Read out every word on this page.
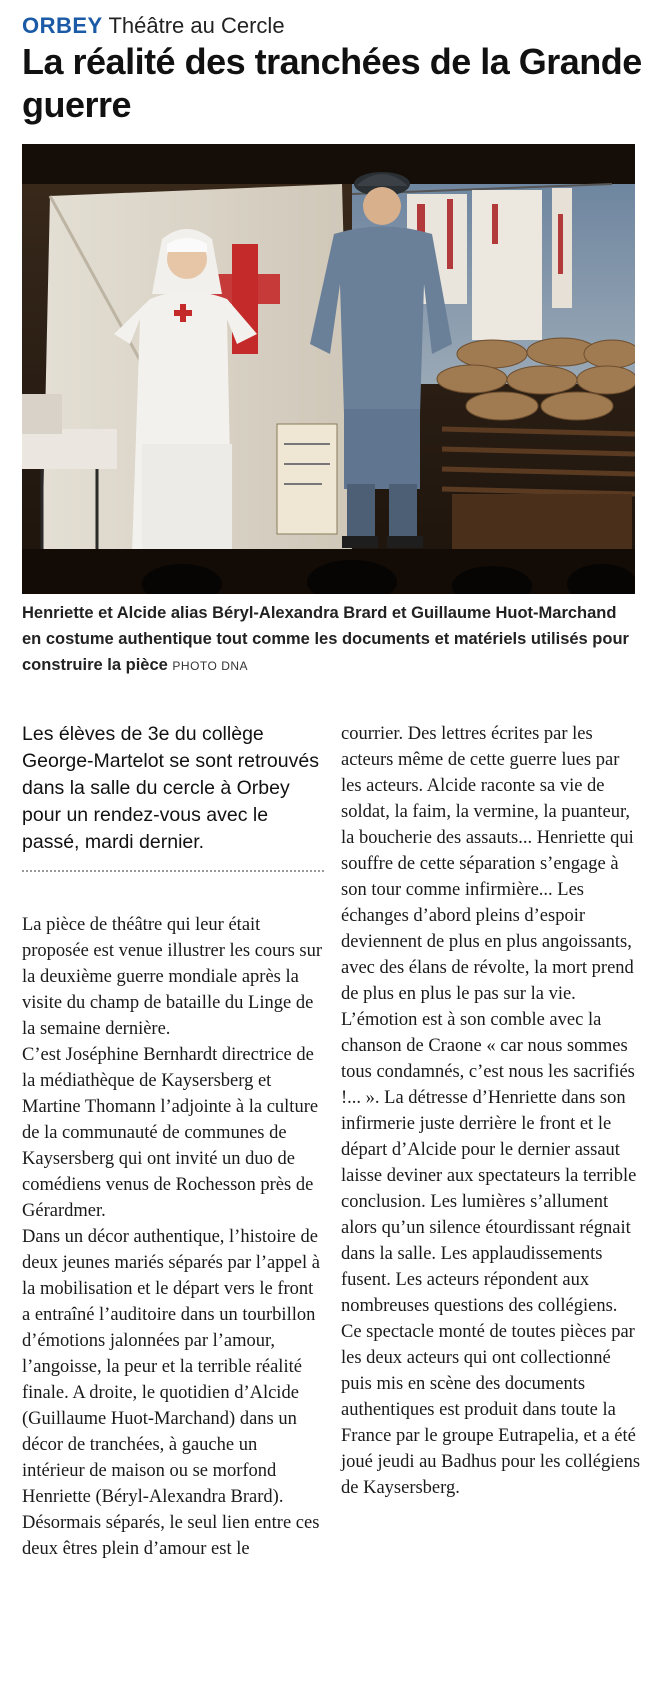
ORBEY Théâtre au Cercle
La réalité des tranchées de la Grande guerre

Henriette et Alcide alias Béryl-Alexandra Brard et Guillaume Huot-Marchand en costume authentique tout comme les documents et matériels utilisés pour construire la pièce PHOTO DNA

Les élèves de 3e du collège George-Martelot se sont retrouvés dans la salle du cercle à Orbey pour un rendez-vous avec le passé, mardi dernier.

La pièce de théâtre qui leur était proposée est venue illustrer les cours sur la deuxième guerre mondiale après la visite du champ de bataille du Linge de la semaine dernière.

C’est Joséphine Bernhardt directrice de la médiathèque de Kaysersberg et Martine Thomann l’adjointe à la culture de la communauté de communes de Kaysersberg qui ont invité un duo de comédiens venus de Rochesson près de Gérardmer.

Dans un décor authentique, l’histoire de deux jeunes mariés séparés par l’appel à la mobilisation et le départ vers le front a entraîné l’auditoire dans un tourbillon d’émotions jalonnées par l’amour, l’angoisse, la peur et la terrible réalité finale. A droite, le quotidien d’Alcide (Guillaume Huot-Marchand) dans un décor de tranchées, à gauche un intérieur de maison ou se morfond Henriette (Béryl-Alexandra Brard). Désormais séparés, le seul lien entre ces deux êtres plein d’amour est le

courrier. Des lettres écrites par les acteurs même de cette guerre lues par les acteurs. Alcide raconte sa vie de soldat, la faim, la vermine, la puanteur, la boucherie des assauts... Henriette qui souffre de cette séparation s’engage à son tour comme infirmière... Les échanges d’abord pleins d’espoir deviennent de plus en plus angoissants, avec des élans de révolte, la mort prend de plus en plus le pas sur la vie.

L’émotion est à son comble avec la chanson de Craone « car nous sommes tous condamnés, c’est nous les sacrifiés !... ». La détresse d’Henriette dans son infirmerie juste derrière le front et le départ d’Alcide pour le dernier assaut laisse deviner aux spectateurs la terrible conclusion. Les lumières s’allument alors qu’un silence étourdissant régnait dans la salle. Les applaudissements fusent. Les acteurs répondent aux nombreuses questions des collégiens.

Ce spectacle monté de toutes pièces par les deux acteurs qui ont collectionné puis mis en scène des documents authentiques est produit dans toute la France par le groupe Eutrapelia, et a été joué jeudi au Badhus pour les collégiens de Kaysersberg.
